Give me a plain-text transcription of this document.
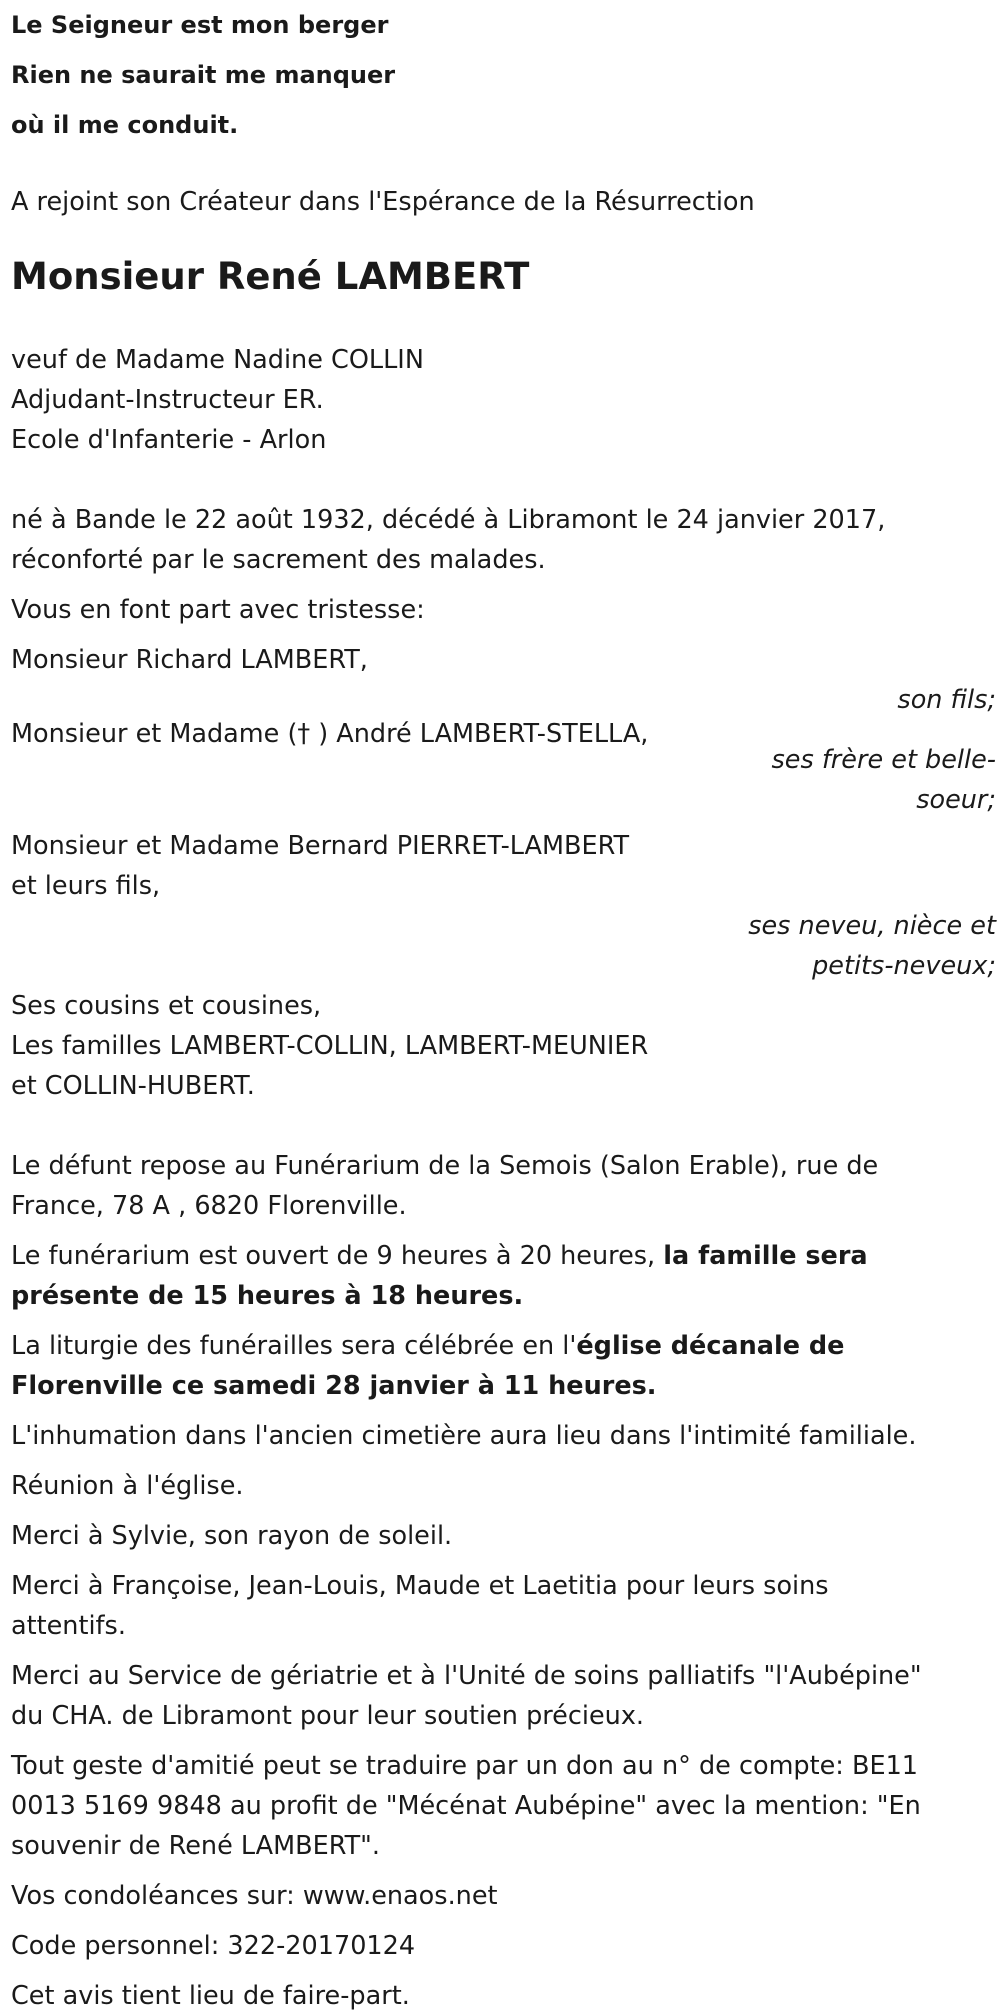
Le Seigneur est mon berger

Rien ne saurait me manquer

où il me conduit.

A rejoint son Créateur dans l'Espérance de la Résurrection

Monsieur René LAMBERT

veuf de Madame Nadine COLLIN

Adjudant-Instructeur ER.

Ecole d'Infanterie - Arlon

né à Bande le 22 août 1932, décédé à Libramont le 24 janvier 2017,

réconforté par le sacrement des malades.

Vous en font part avec tristesse:

Monsieur Richard LAMBERT,

son fils;

Monsieur et Madame († ) André LAMBERT-STELLA,

ses frère et belle-

soeur;

Monsieur et Madame Bernard PIERRET-LAMBERT

et leurs fils,

ses neveu, nièce et

petits-neveux;

Ses cousins et cousines,

Les familles LAMBERT-COLLIN, LAMBERT-MEUNIER

et COLLIN-HUBERT.

Le défunt repose au Funérarium de la Semois (Salon Erable), rue de

France, 78 A , 6820 Florenville.

Le funérarium est ouvert de 9 heures à 20 heures, la famille sera

présente de 15 heures à 18 heures.

La liturgie des funérailles sera célébrée en l'église décanale de

Florenville ce samedi 28 janvier à 11 heures.

L'inhumation dans l'ancien cimetière aura lieu dans l'intimité familiale.

Réunion à l'église.

Merci à Sylvie, son rayon de soleil.

Merci à Françoise, Jean-Louis, Maude et Laetitia pour leurs soins

attentifs.

Merci au Service de gériatrie et à l'Unité de soins palliatifs "l'Aubépine"

du CHA. de Libramont pour leur soutien précieux.

Tout geste d'amitié peut se traduire par un don au n° de compte: BE11

0013 5169 9848 au profit de "Mécénat Aubépine" avec la mention: "En

souvenir de René LAMBERT".

Vos condoléances sur: www.enaos.net

Code personnel: 322-20170124

Cet avis tient lieu de faire-part.
